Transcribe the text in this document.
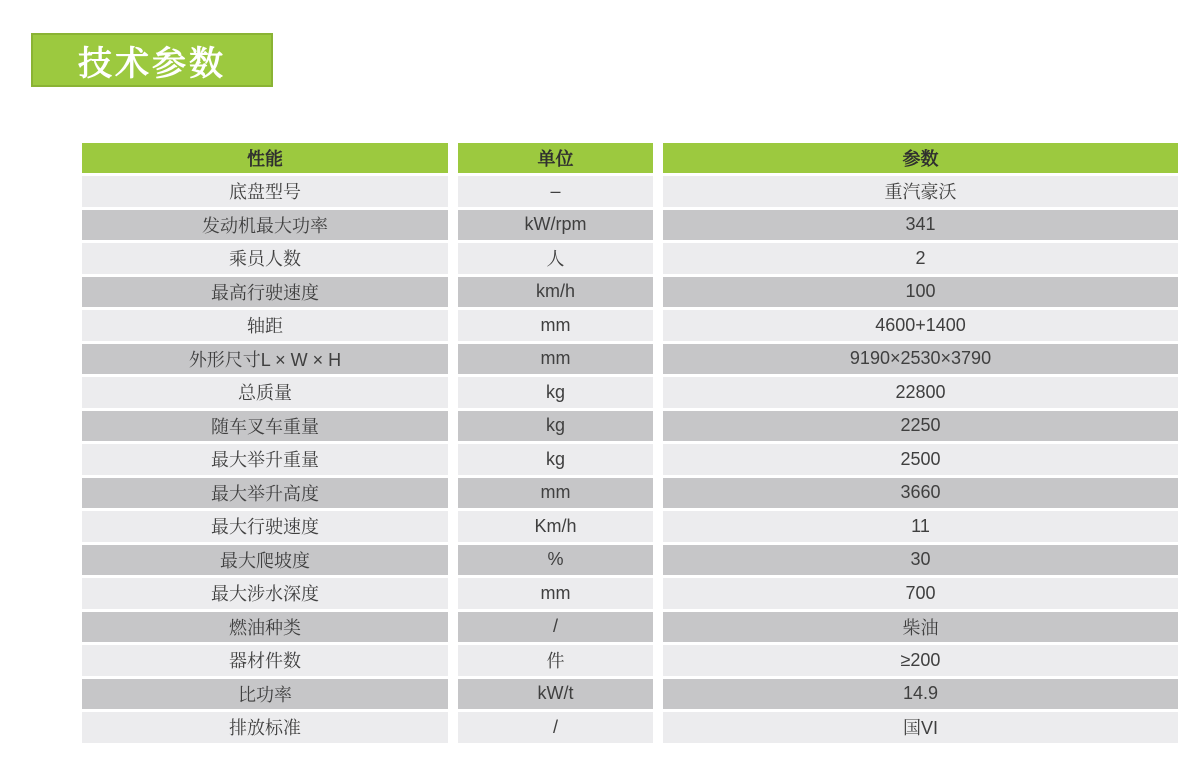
技术参数
性能	单位	参数
底盘型号	–	重汽豪沃
发动机最大功率	kW/rpm	341
乘员人数	人	2
最高行驶速度	km/h	100
轴距	mm	4600+1400
外形尺寸L × W × H	mm	9190×2530×3790
总质量	kg	22800
随车叉车重量	kg	2250
最大举升重量	kg	2500
最大举升高度	mm	3660
最大行驶速度	Km/h	11
最大爬坡度	%	30
最大涉水深度	mm	700
燃油种类	/	柴油
器材件数	件	≥200
比功率	kW/t	14.9
排放标准	/	国VI
